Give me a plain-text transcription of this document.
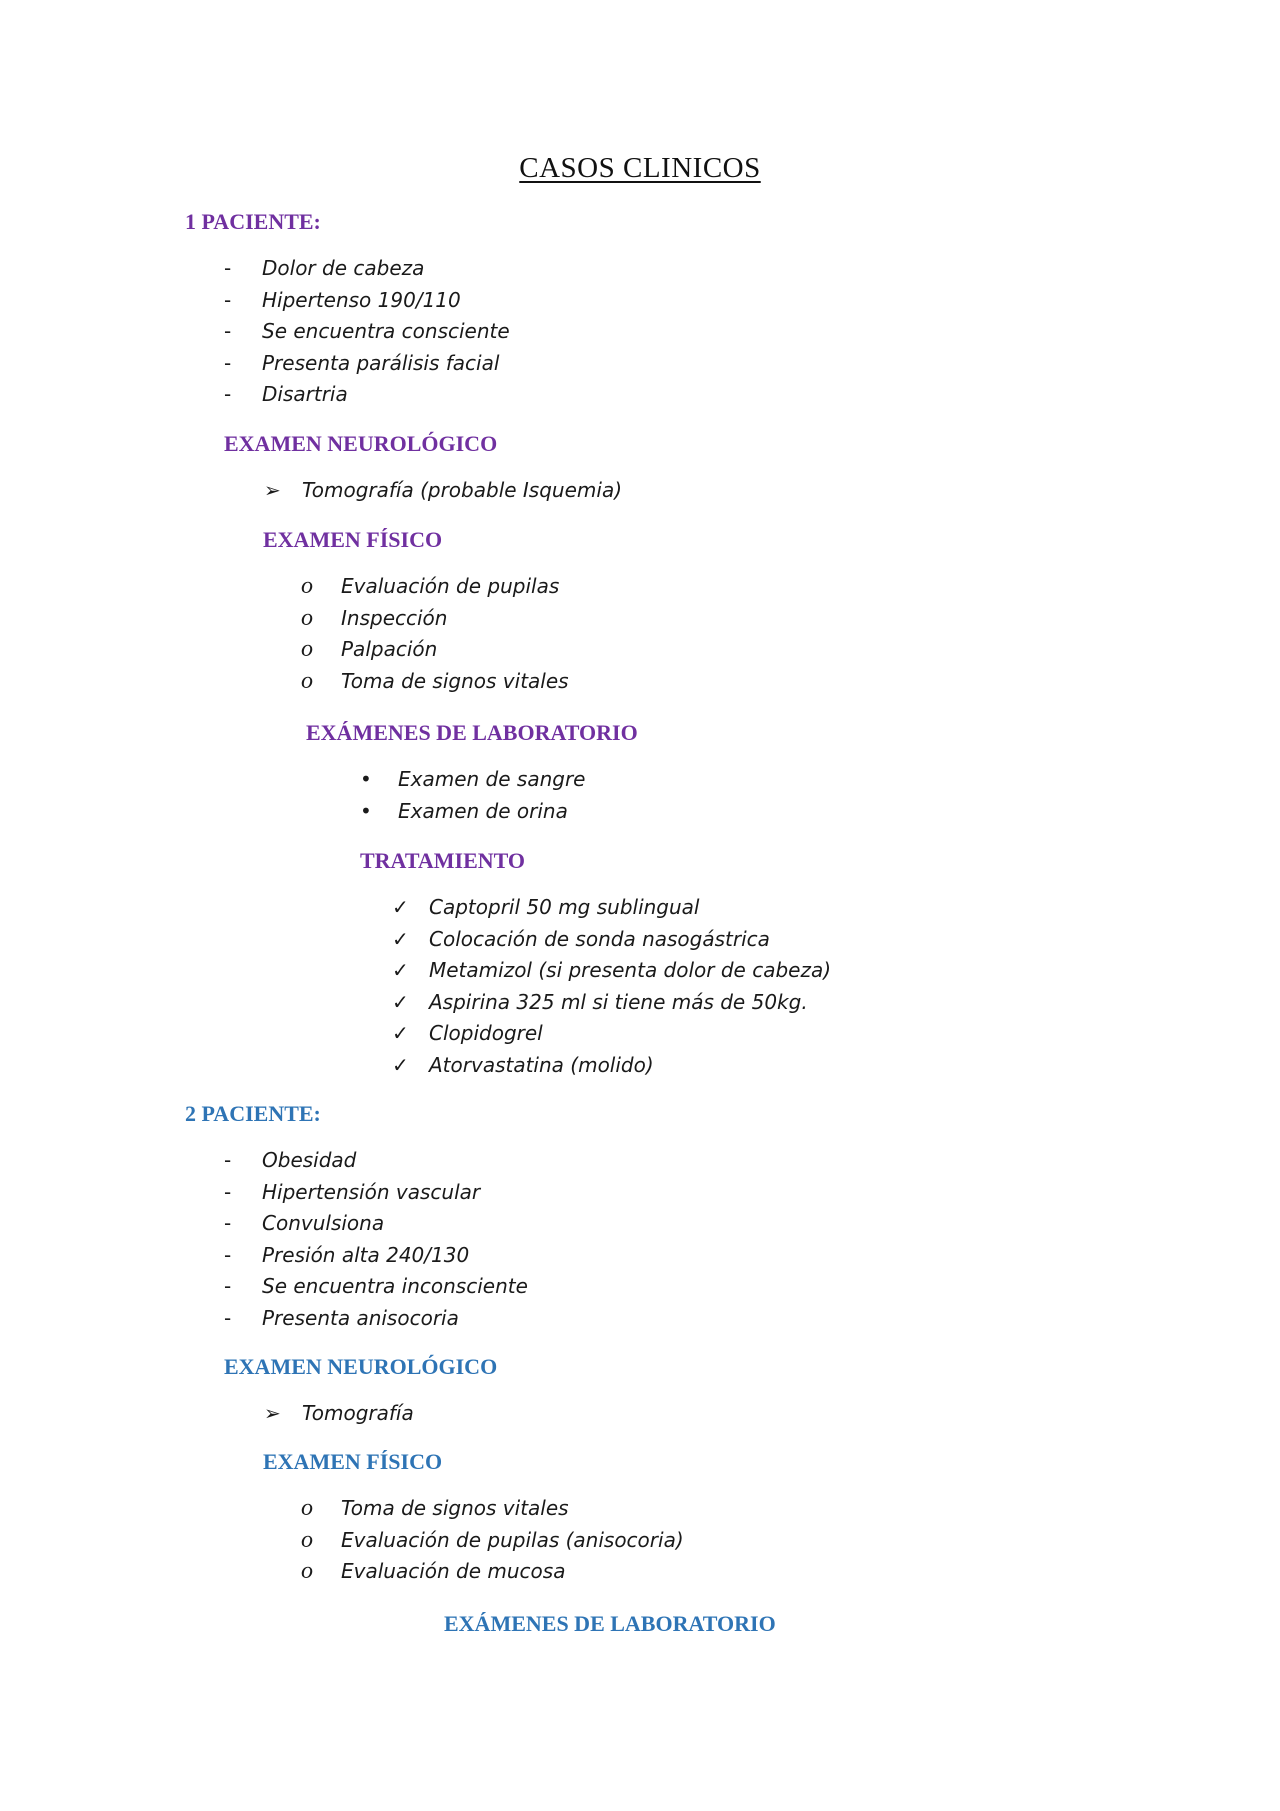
CASOS CLINICOS
1 PACIENTE:
- Dolor de cabeza
- Hipertenso 190/110
- Se encuentra consciente
- Presenta parálisis facial
- Disartria
EXAMEN NEUROLÓGICO
➢ Tomografía (probable Isquemia)
EXAMEN FÍSICO
o Evaluación de pupilas
o Inspección
o Palpación
o Toma de signos vitales
EXÁMENES DE LABORATORIO
• Examen de sangre
• Examen de orina
TRATAMIENTO
✓ Captopril 50 mg sublingual
✓ Colocación de sonda nasogástrica
✓ Metamizol (si presenta dolor de cabeza)
✓ Aspirina 325 ml si tiene más de 50kg.
✓ Clopidogrel
✓ Atorvastatina (molido)
2 PACIENTE:
- Obesidad
- Hipertensión vascular
- Convulsiona
- Presión alta 240/130
- Se encuentra inconsciente
- Presenta anisocoria
EXAMEN NEUROLÓGICO
➢ Tomografía
EXAMEN FÍSICO
o Toma de signos vitales
o Evaluación de pupilas (anisocoria)
o Evaluación de mucosa
EXÁMENES DE LABORATORIO
